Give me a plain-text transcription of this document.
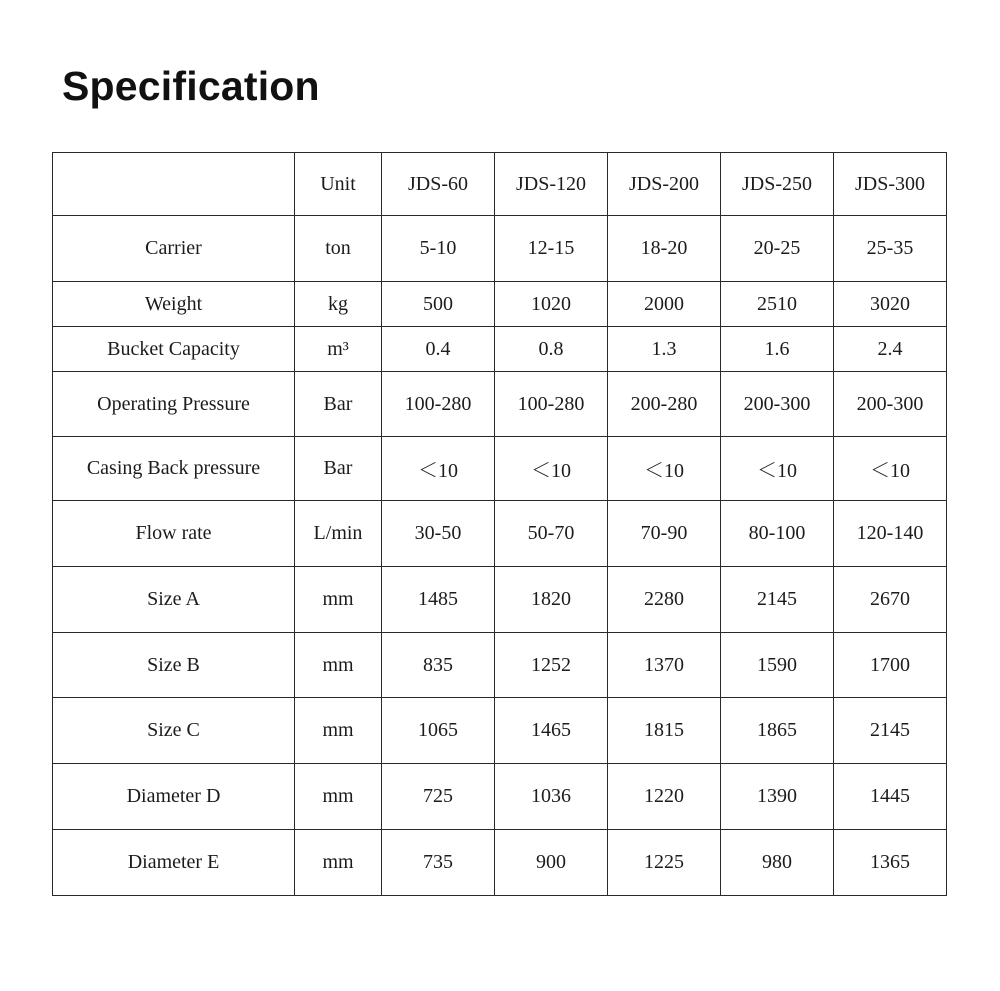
Specification
	Unit	JDS-60	JDS-120	JDS-200	JDS-250	JDS-300
Carrier	ton	5-10	12-15	18-20	20-25	25-35
Weight	kg	500	1020	2000	2510	3020
Bucket Capacity	m³	0.4	0.8	1.3	1.6	2.4
Operating Pressure	Bar	100-280	100-280	200-280	200-300	200-300
Casing Back pressure	Bar	＜10	＜10	＜10	＜10	＜10
Flow rate	L/min	30-50	50-70	70-90	80-100	120-140
Size A	mm	1485	1820	2280	2145	2670
Size B	mm	835	1252	1370	1590	1700
Size C	mm	1065	1465	1815	1865	2145
Diameter D	mm	725	1036	1220	1390	1445
Diameter E	mm	735	900	1225	980	1365
